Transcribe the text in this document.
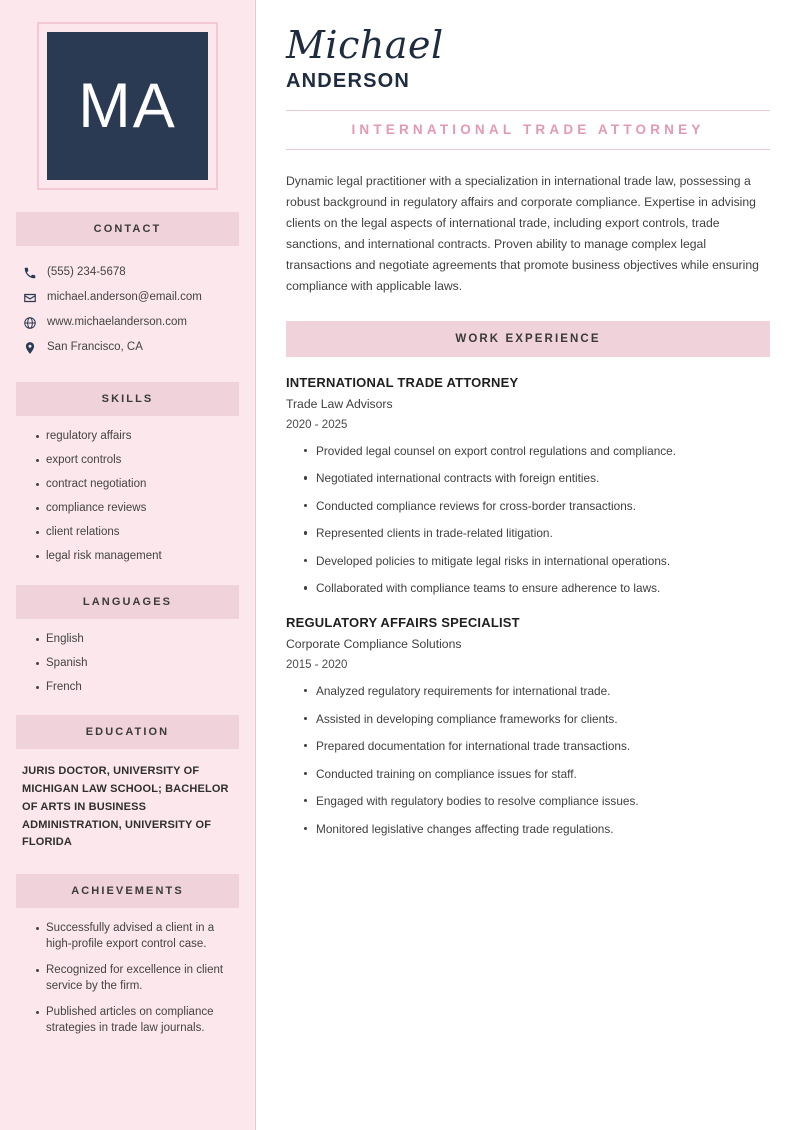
MA
CONTACT
(555) 234-5678
michael.anderson@email.com
www.michaelanderson.com
San Francisco, CA
SKILLS
regulatory affairs
export controls
contract negotiation
compliance reviews
client relations
legal risk management
LANGUAGES
English
Spanish
French
EDUCATION
JURIS DOCTOR, UNIVERSITY OF MICHIGAN LAW SCHOOL; BACHELOR OF ARTS IN BUSINESS ADMINISTRATION, UNIVERSITY OF FLORIDA
ACHIEVEMENTS
Successfully advised a client in a high-profile export control case.
Recognized for excellence in client service by the firm.
Published articles on compliance strategies in trade law journals.
Michael
ANDERSON
INTERNATIONAL TRADE ATTORNEY

Dynamic legal practitioner with a specialization in international trade law, possessing a robust background in regulatory affairs and corporate compliance. Expertise in advising clients on the legal aspects of international trade, including export controls, trade sanctions, and international contracts. Proven ability to manage complex legal transactions and negotiate agreements that promote business objectives while ensuring compliance with applicable laws.

WORK EXPERIENCE
INTERNATIONAL TRADE ATTORNEY
Trade Law Advisors
2020 - 2025
Provided legal counsel on export control regulations and compliance.
Negotiated international contracts with foreign entities.
Conducted compliance reviews for cross-border transactions.
Represented clients in trade-related litigation.
Developed policies to mitigate legal risks in international operations.
Collaborated with compliance teams to ensure adherence to laws.
REGULATORY AFFAIRS SPECIALIST
Corporate Compliance Solutions
2015 - 2020
Analyzed regulatory requirements for international trade.
Assisted in developing compliance frameworks for clients.
Prepared documentation for international trade transactions.
Conducted training on compliance issues for staff.
Engaged with regulatory bodies to resolve compliance issues.
Monitored legislative changes affecting trade regulations.
